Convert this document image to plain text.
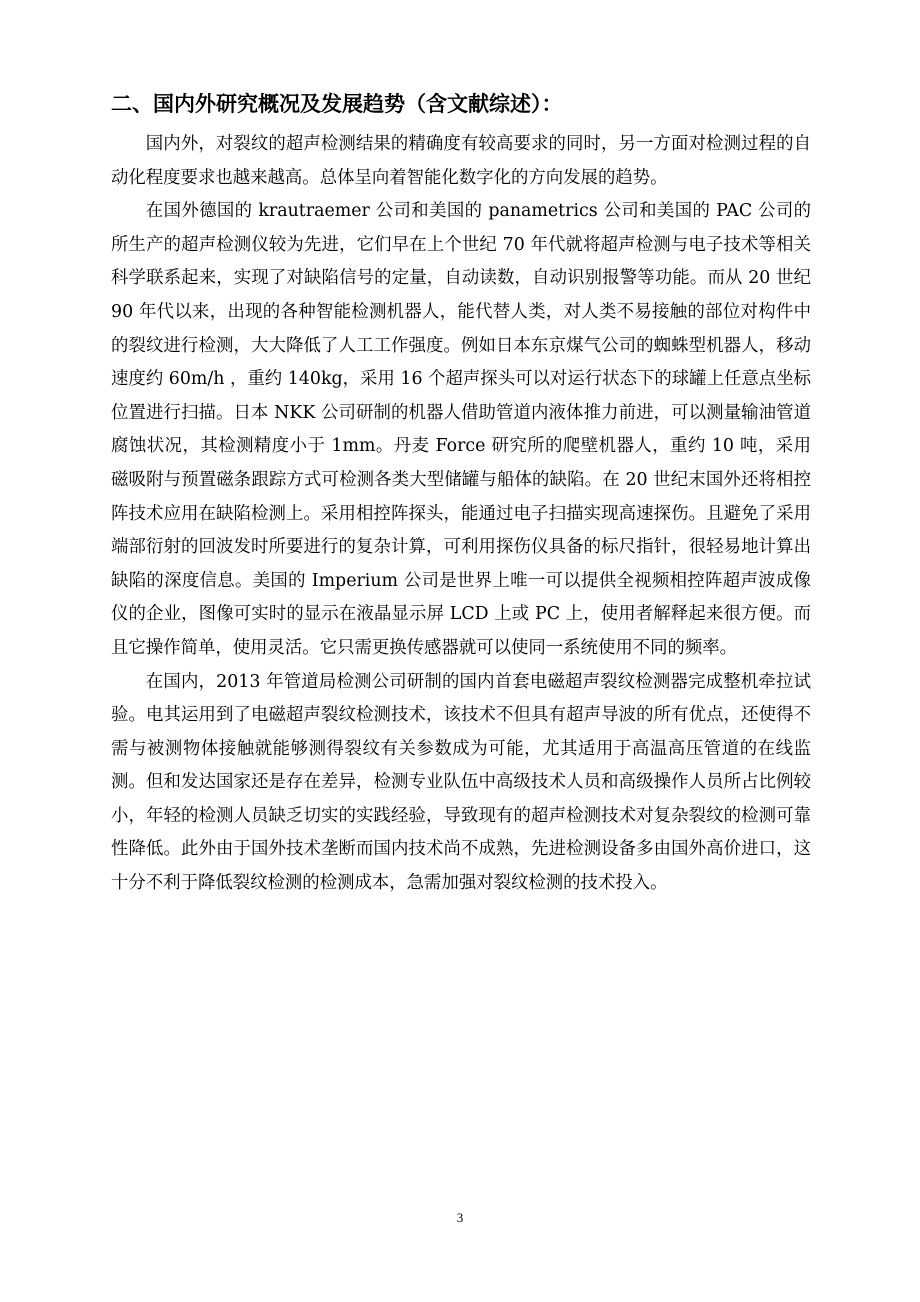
二、国内外研究概况及发展趋势（含文献综述）：

国内外，对裂纹的超声检测结果的精确度有较高要求的同时，另一方面对检测过程的自动化程度要求也越来越高。总体呈向着智能化数字化的方向发展的趋势。

在国外德国的 krautraemer 公司和美国的 panametrics 公司和美国的 PAC 公司的所生产的超声检测仪较为先进，它们早在上个世纪 70 年代就将超声检测与电子技术等相关科学联系起来，实现了对缺陷信号的定量，自动读数，自动识别报警等功能。而从 20 世纪 90 年代以来，出现的各种智能检测机器人，能代替人类，对人类不易接触的部位对构件中的裂纹进行检测，大大降低了人工工作强度。例如日本东京煤气公司的蜘蛛型机器人，移动速度约 60m/h ，重约 140kg，采用 16 个超声探头可以对运行状态下的球罐上任意点坐标位置进行扫描。日本 NKK 公司研制的机器人借助管道内液体推力前进，可以测量输油管道腐蚀状况，其检测精度小于 1mm。丹麦 Force 研究所的爬壁机器人，重约 10 吨，采用磁吸附与预置磁条跟踪方式可检测各类大型储罐与船体的缺陷。在 20 世纪末国外还将相控阵技术应用在缺陷检测上。采用相控阵探头，能通过电子扫描实现高速探伤。且避免了采用端部衍射的回波发时所要进行的复杂计算，可利用探伤仪具备的标尺指针，很轻易地计算出缺陷的深度信息。美国的 Imperium 公司是世界上唯一可以提供全视频相控阵超声波成像仪的企业，图像可实时的显示在液晶显示屏 LCD 上或 PC 上，使用者解释起来很方便。而且它操作简单，使用灵活。它只需更换传感器就可以使同一系统使用不同的频率。

在国内，2013 年管道局检测公司研制的国内首套电磁超声裂纹检测器完成整机牵拉试验。电其运用到了电磁超声裂纹检测技术，该技术不但具有超声导波的所有优点，还使得不需与被测物体接触就能够测得裂纹有关参数成为可能，尤其适用于高温高压管道的在线监测。但和发达国家还是存在差异，检测专业队伍中高级技术人员和高级操作人员所占比例较小，年轻的检测人员缺乏切实的实践经验，导致现有的超声检测技术对复杂裂纹的检测可靠性降低。此外由于国外技术垄断而国内技术尚不成熟，先进检测设备多由国外高价进口，这十分不利于降低裂纹检测的检测成本，急需加强对裂纹检测的技术投入。

3
